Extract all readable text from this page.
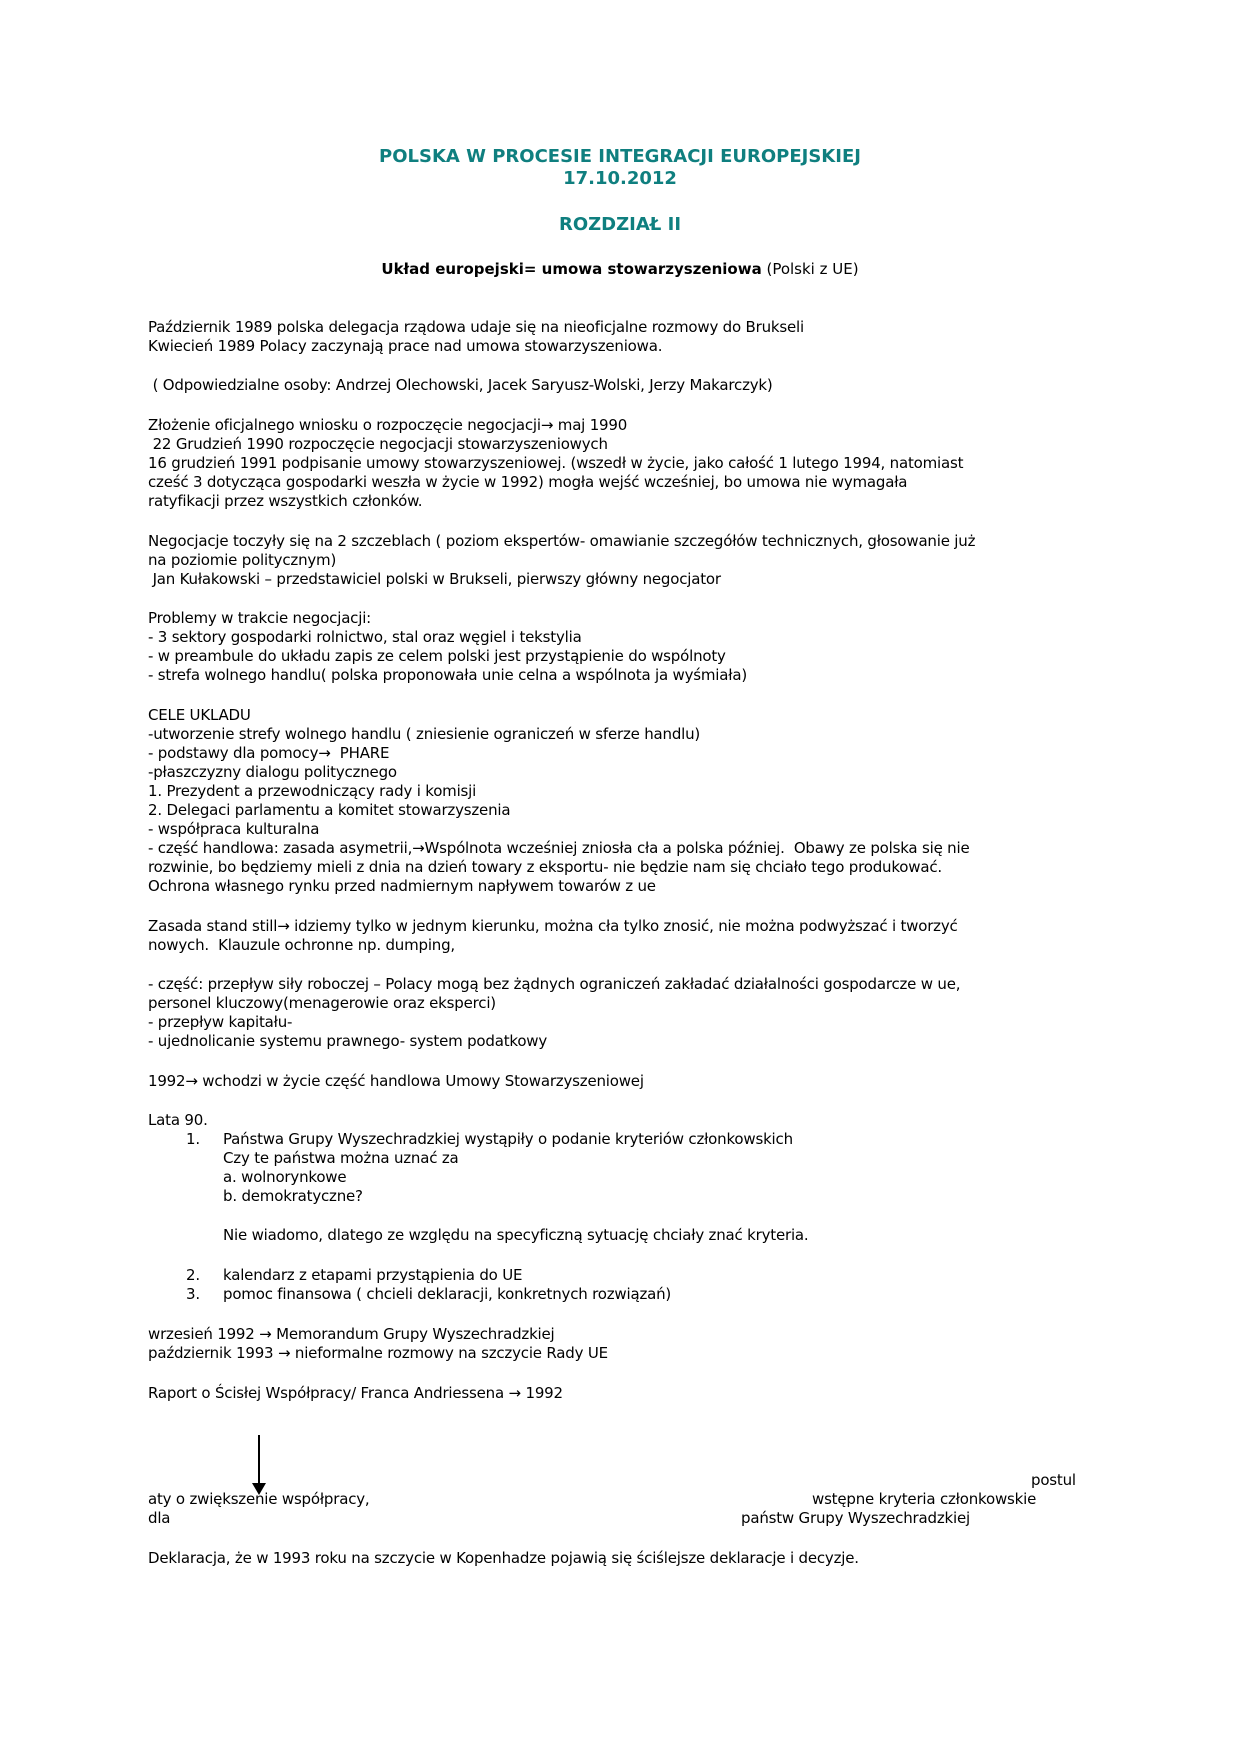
POLSKA W PROCESIE INTEGRACJI EUROPEJSKIEJ
17.10.2012
ROZDZIAŁ II
Układ europejski= umowa stowarzyszeniowa (Polski z UE)
Październik 1989 polska delegacja rządowa udaje się na nieoficjalne rozmowy do Brukseli
Kwiecień 1989 Polacy zaczynają prace nad umowa stowarzyszeniowa.
( Odpowiedzialne osoby: Andrzej Olechowski, Jacek Saryusz-Wolski, Jerzy Makarczyk)
Złożenie oficjalnego wniosku o rozpoczęcie negocjacji→ maj 1990
22 Grudzień 1990 rozpoczęcie negocjacji stowarzyszeniowych
16 grudzień 1991 podpisanie umowy stowarzyszeniowej. (wszedł w życie, jako całość 1 lutego 1994, natomiast
cześć 3 dotycząca gospodarki weszła w życie w 1992) mogła wejść wcześniej, bo umowa nie wymagała
ratyfikacji przez wszystkich członków.
Negocjacje toczyły się na 2 szczeblach ( poziom ekspertów- omawianie szczegółów technicznych, głosowanie już
na poziomie politycznym)
Jan Kułakowski – przedstawiciel polski w Brukseli, pierwszy główny negocjator
Problemy w trakcie negocjacji:
- 3 sektory gospodarki rolnictwo, stal oraz węgiel i tekstylia
- w preambule do układu zapis ze celem polski jest przystąpienie do wspólnoty
- strefa wolnego handlu( polska proponowała unie celna a wspólnota ja wyśmiała)
CELE UKLADU
-utworzenie strefy wolnego handlu ( zniesienie ograniczeń w sferze handlu)
- podstawy dla pomocy→  PHARE
-płaszczyzny dialogu politycznego
1. Prezydent a przewodniczący rady i komisji
2. Delegaci parlamentu a komitet stowarzyszenia
- współpraca kulturalna
- część handlowa: zasada asymetrii,→Wspólnota wcześniej zniosła cła a polska później.  Obawy ze polska się nie
rozwinie, bo będziemy mieli z dnia na dzień towary z eksportu- nie będzie nam się chciało tego produkować.
Ochrona własnego rynku przed nadmiernym napływem towarów z ue
Zasada stand still→ idziemy tylko w jednym kierunku, można cła tylko znosić, nie można podwyższać i tworzyć
nowych.  Klauzule ochronne np. dumping,
- część: przepływ siły roboczej – Polacy mogą bez żądnych ograniczeń zakładać działalności gospodarcze w ue,
personel kluczowy(menagerowie oraz eksperci)
- przepływ kapitału-
- ujednolicanie systemu prawnego- system podatkowy
1992→ wchodzi w życie część handlowa Umowy Stowarzyszeniowej
Lata 90.
1. Państwa Grupy Wyszechradzkiej wystąpiły o podanie kryteriów członkowskich
Czy te państwa można uznać za
a. wolnorynkowe
b. demokratyczne?
Nie wiadomo, dlatego ze względu na specyficzną sytuację chciały znać kryteria.
2. kalendarz z etapami przystąpienia do UE
3. pomoc finansowa ( chcieli deklaracji, konkretnych rozwiązań)
wrzesień 1992 → Memorandum Grupy Wyszechradzkiej
październik 1993 → nieformalne rozmowy na szczycie Rady UE
Raport o Ścisłej Współpracy/ Franca Andriessena → 1992
postul
aty o zwiększenie współpracy,	wstępne kryteria członkowskie
dla	państw Grupy Wyszechradzkiej
Deklaracja, że w 1993 roku na szczycie w Kopenhadze pojawią się ściślejsze deklaracje i decyzje.
